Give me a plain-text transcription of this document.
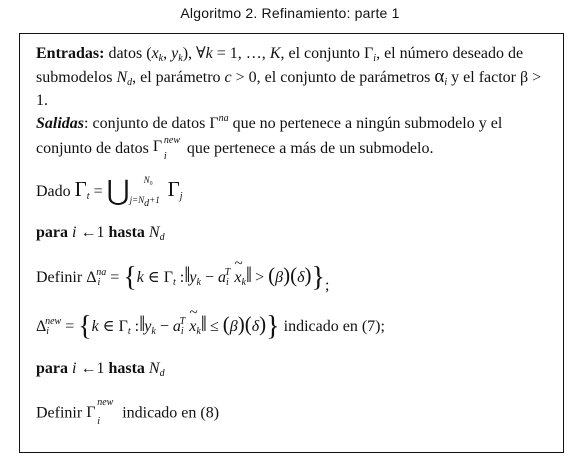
Algoritmo 2. Refinamiento: parte 1
Entradas: datos ($x_k$, $y_k$), ∀k = 1, …, K, el conjunto $\Gamma_i$, el número deseado de submodelos $N_d$, el parámetro c > 0, el conjunto de parámetros $\alpha_i$ y el factor β > 1.
Salidas: conjunto de datos $\Gamma^{na}$ que no pertenece a ningún submodelo y el conjunto de datos Γ new
i que pertenece a más de un submodelo.
Dado $\Gamma_t$ = ⋃ N₀
$j=N_d+1$ $\Gamma_j$
para i ←1 hasta $N_d$
Definir $\Delta_i^{na} = \{k$ ∈ $\Gamma_t$ $:‖y_k - a_i^T$ ~ $x_k‖ > (\beta)(\delta)$};
$\Delta_i^{new} = \{k$ ∈ $\Gamma_t$ $:‖y_k - a_i^T$ ~ $x_k‖ \le (\beta)(\delta)$} indicado en (7);
para i ←1 hasta $N_d$
Definir Γ
new
i indicado en (8)
